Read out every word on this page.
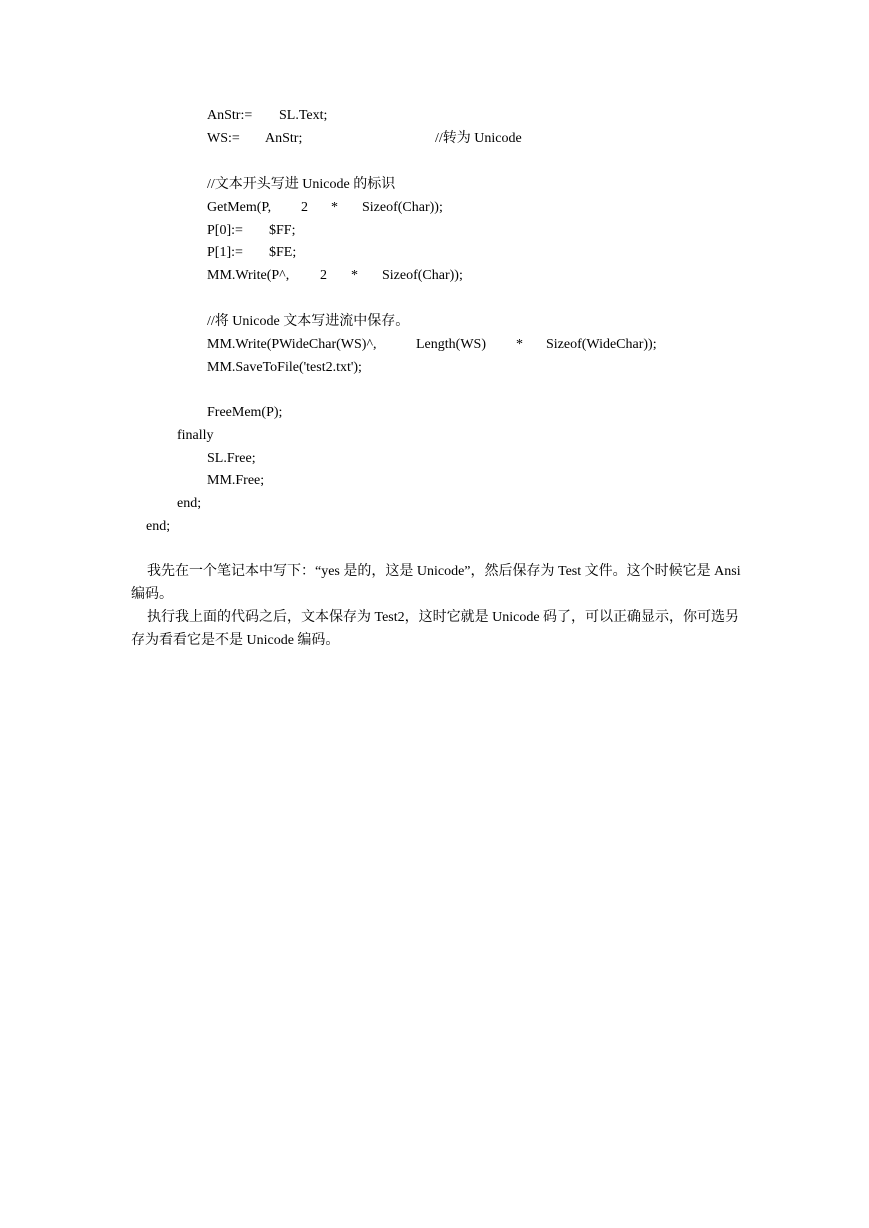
AnStr:=

SL.Text;

WS:=

AnStr;

	//转为 Unicode

//文本开头写进 Unicode 的标识

GetMem(P,

2

*

Sizeof(Char));

P[0]:=

$FF;

P[1]:=

$FE;

MM.Write(P^,

2

*

Sizeof(Char));

//将 Unicode 文本写进流中保存。

MM.Write(PWideChar(WS)^,

	Length(WS)

*

Sizeof(WideChar));

MM.SaveToFile('test2.txt');
FreeMem(P);
finally
SL.Free;
MM.Free;
end;
end;
我先在一个笔记本中写下：“yes 是的，这是 Unicode”，然后保存为 Test 文件。这个时候它是 Ansi 编码。
执行我上面的代码之后，文本保存为 Test2，这时它就是 Unicode 码了，可以正确显示，你可选另存为看看它是不是 Unicode 编码。
